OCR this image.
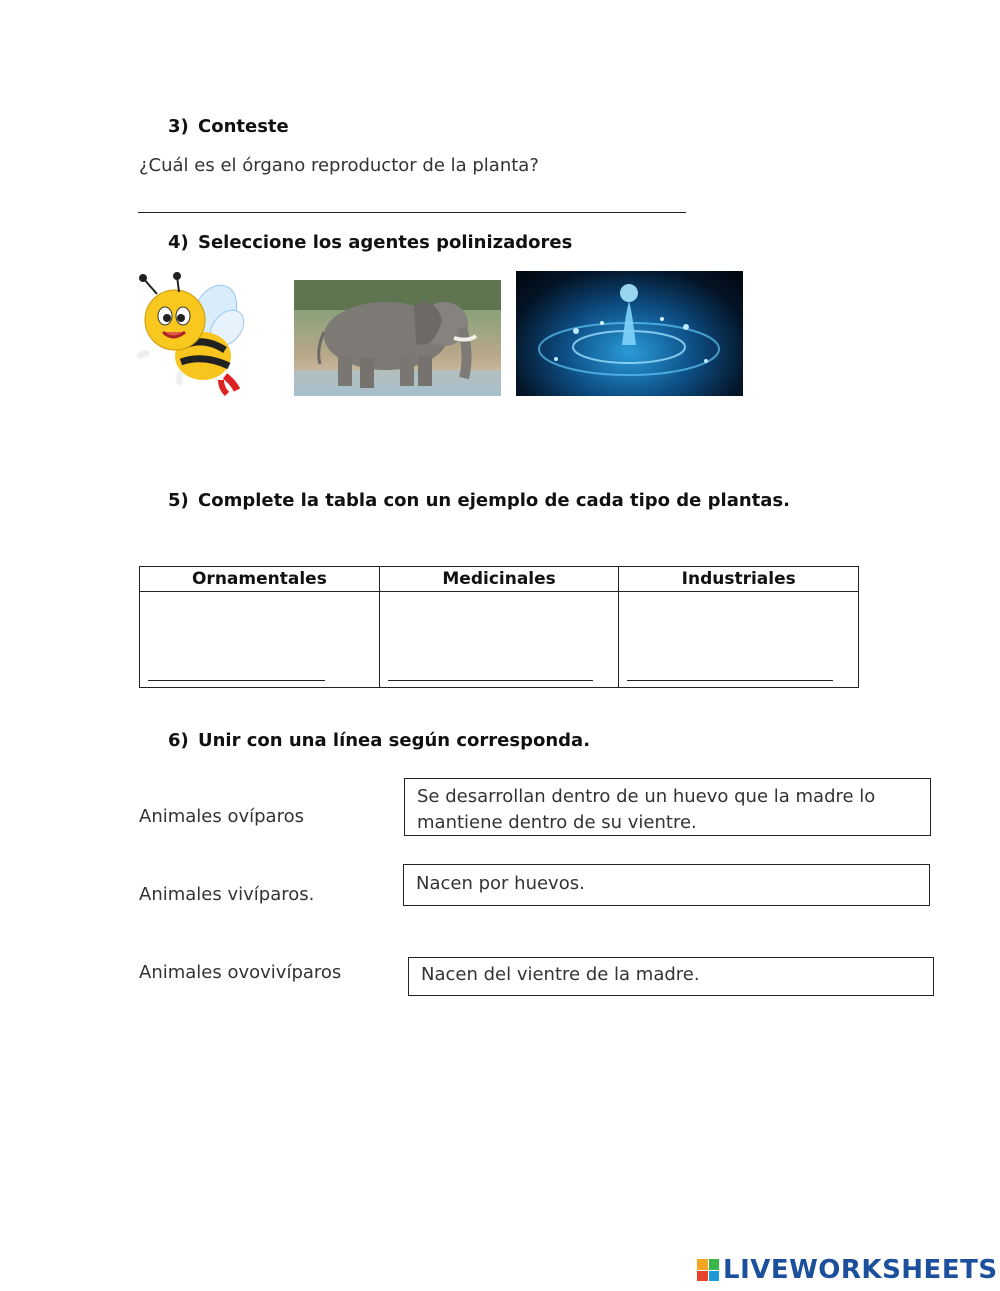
3) Conteste
¿Cuál es el órgano reproductor de la planta?
4) Seleccione los agentes polinizadores
5) Complete la tabla con un ejemplo de cada tipo de plantas.
Ornamentales	Medicinales	Industriales

6) Unir con una línea según corresponda.
Animales ovíparos
Animales vivíparos.
Animales ovovivíparos
Se desarrollan dentro de un huevo que la madre lo mantiene dentro de su vientre.
Nacen por huevos.
Nacen del vientre de la madre.
LIVEWORKSHEETS
